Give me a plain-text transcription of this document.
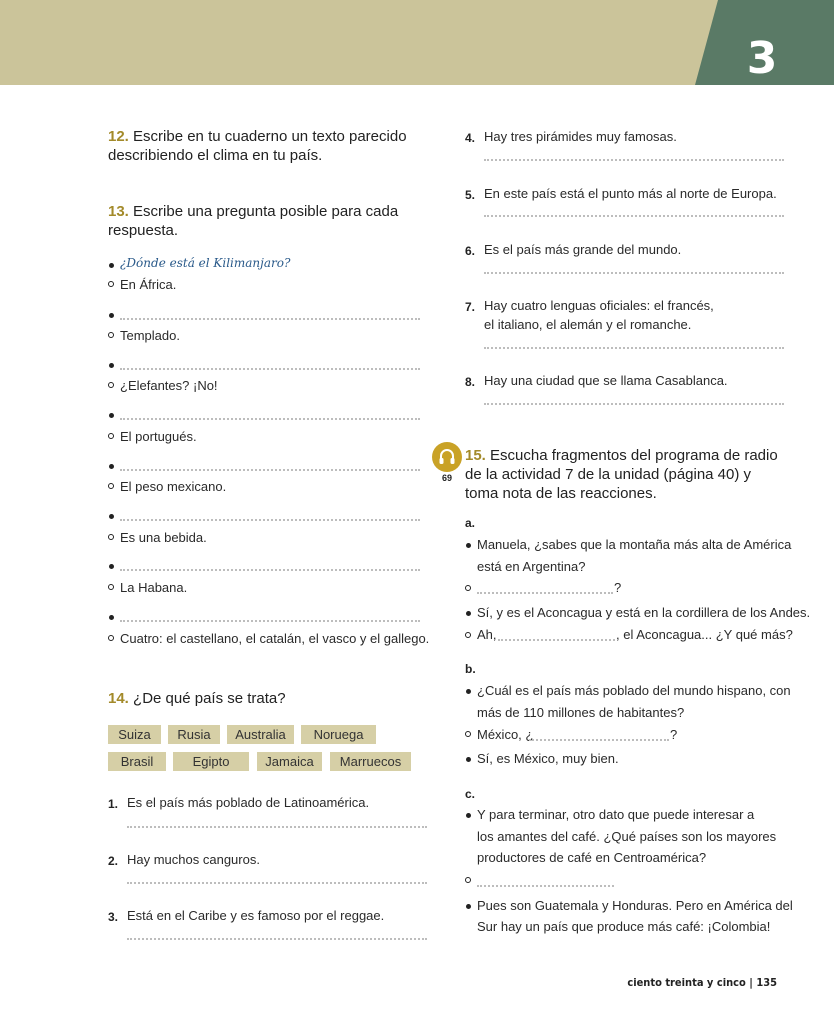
3
12. Escribe en tu cuaderno un texto parecido
describiendo el clima en tu país.
13. Escribe una pregunta posible para cada
respuesta.
¿Dónde está el Kilimanjaro?
En África.
Templado.
¿Elefantes? ¡No!
El portugués.
El peso mexicano.
Es una bebida.
La Habana.
Cuatro: el castellano, el catalán, el vasco y el gallego.
14. ¿De qué país se trata?
Suiza	Rusia	Australia	Noruega
Brasil	Egipto	Jamaica	Marruecos
1. Es el país más poblado de Latinoamérica.
2. Hay muchos canguros.
3. Está en el Caribe y es famoso por el reggae.
4. Hay tres pirámides muy famosas.
5. En este país está el punto más al norte de Europa.
6. Es el país más grande del mundo.
7. Hay cuatro lenguas oficiales: el francés,
el italiano, el alemán y el romanche.
8. Hay una ciudad que se llama Casablanca.
69
15. Escucha fragmentos del programa de radio
de la actividad 7 de la unidad (página 40) y
toma nota de las reacciones.
a.
Manuela, ¿sabes que la montaña más alta de América
está en Argentina?
?
Sí, y es el Aconcagua y está en la cordillera de los Andes.
Ah,	, el Aconcagua... ¿Y qué más?
b.
¿Cuál es el país más poblado del mundo hispano, con
más de 110 millones de habitantes?
México, ¿	?
Sí, es México, muy bien.
c.
Y para terminar, otro dato que puede interesar a
los amantes del café. ¿Qué países son los mayores
productores de café en Centroamérica?
Pues son Guatemala y Honduras. Pero en América del
Sur hay un país que produce más café: ¡Colombia!
ciento treinta y cinco | 135
